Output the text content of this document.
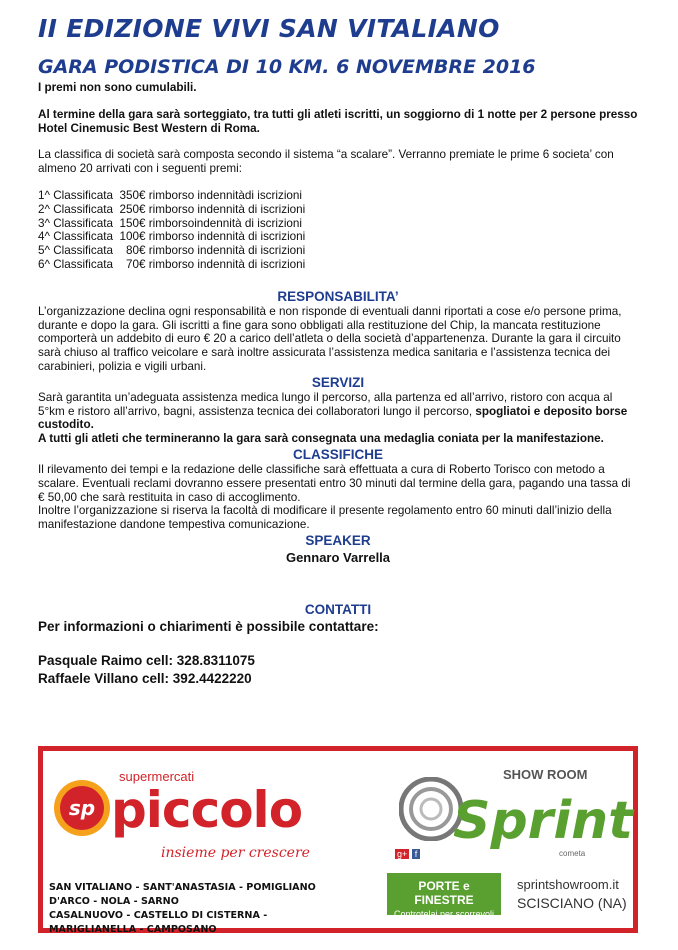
II EDIZIONE VIVI SAN VITALIANO
GARA PODISTICA DI 10 KM. 6 NOVEMBRE 2016

I premi non sono cumulabili.

Al termine della gara sarà sorteggiato, tra tutti gli atleti iscritti, un soggiorno di 1 notte per 2 persone presso Hotel Cinemusic Best Western di Roma.

La classifica di società sarà composta secondo il sistema “a scalare”. Verranno premiate le prime 6 societa’ con almeno 20 arrivati con i seguenti premi:

1^ Classificata  350€ rimborso indennitàdi iscrizioni
2^ Classificata  250€ rimborso indennità di iscrizioni
3^ Classificata  150€ rimborsoindennità di iscrizioni
4^ Classificata  100€ rimborso indennità di iscrizioni
5^ Classificata    80€ rimborso indennità di iscrizioni
6^ Classificata    70€ rimborso indennità di iscrizioni

RESPONSABILITA’

L’organizzazione declina ogni responsabilità e non risponde di eventuali danni riportati a cose e/o persone prima, durante e dopo la gara. Gli iscritti a fine gara sono obbligati alla restituzione del Chip, la mancata restituzione comporterà un addebito di euro € 20 a carico dell’atleta o della società d’appartenenza. Durante la gara il circuito sarà chiuso al traffico veicolare e sarà inoltre assicurata l’assistenza medica sanitaria e l’assistenza tecnica dei carabinieri, polizia e vigili urbani.

SERVIZI

Sarà garantita un’adeguata assistenza medica lungo il percorso, alla partenza ed all’arrivo, ristoro con acqua al 5°km e ristoro all’arrivo, bagni, assistenza tecnica dei collaboratori lungo il percorso, spogliatoi e deposito borse custodito.

A tutti gli atleti che termineranno la gara sarà consegnata una medaglia coniata per la manifestazione.

CLASSIFICHE

Il rilevamento dei tempi e la redazione delle classifiche sarà effettuata a cura di Roberto Torisco con metodo a scalare. Eventuali reclami dovranno essere presentati entro 30 minuti dal termine della gara, pagando una tassa di € 50,00 che sarà restituita in caso di accoglimento.

Inoltre l’organizzazione si riserva la facoltà di modificare il presente regolamento entro 60 minuti dall’inizio della manifestazione dandone tempestiva comunicazione.

SPEAKER

Gennaro Varrella

CONTATTI

Per informazioni o chiarimenti è possibile contattare:

Pasquale Raimo cell: 328.8311075

Raffaele Villano cell: 392.4422220

sp
supermercati
piccolo
insieme per crescere
SAN VITALIANO - SANT'ANASTASIA - POMIGLIANO D'ARCO - NOLA - SARNO
CASALNUOVO - CASTELLO DI CISTERNA - MARIGLIANELLA - CAMPOSANO
SHOW ROOM
Sprint
g+ f	cometa
PORTE e FINESTRE
Controtelai per scorrevoli
sprintshowroom.it
SCISCIANO (NA)
